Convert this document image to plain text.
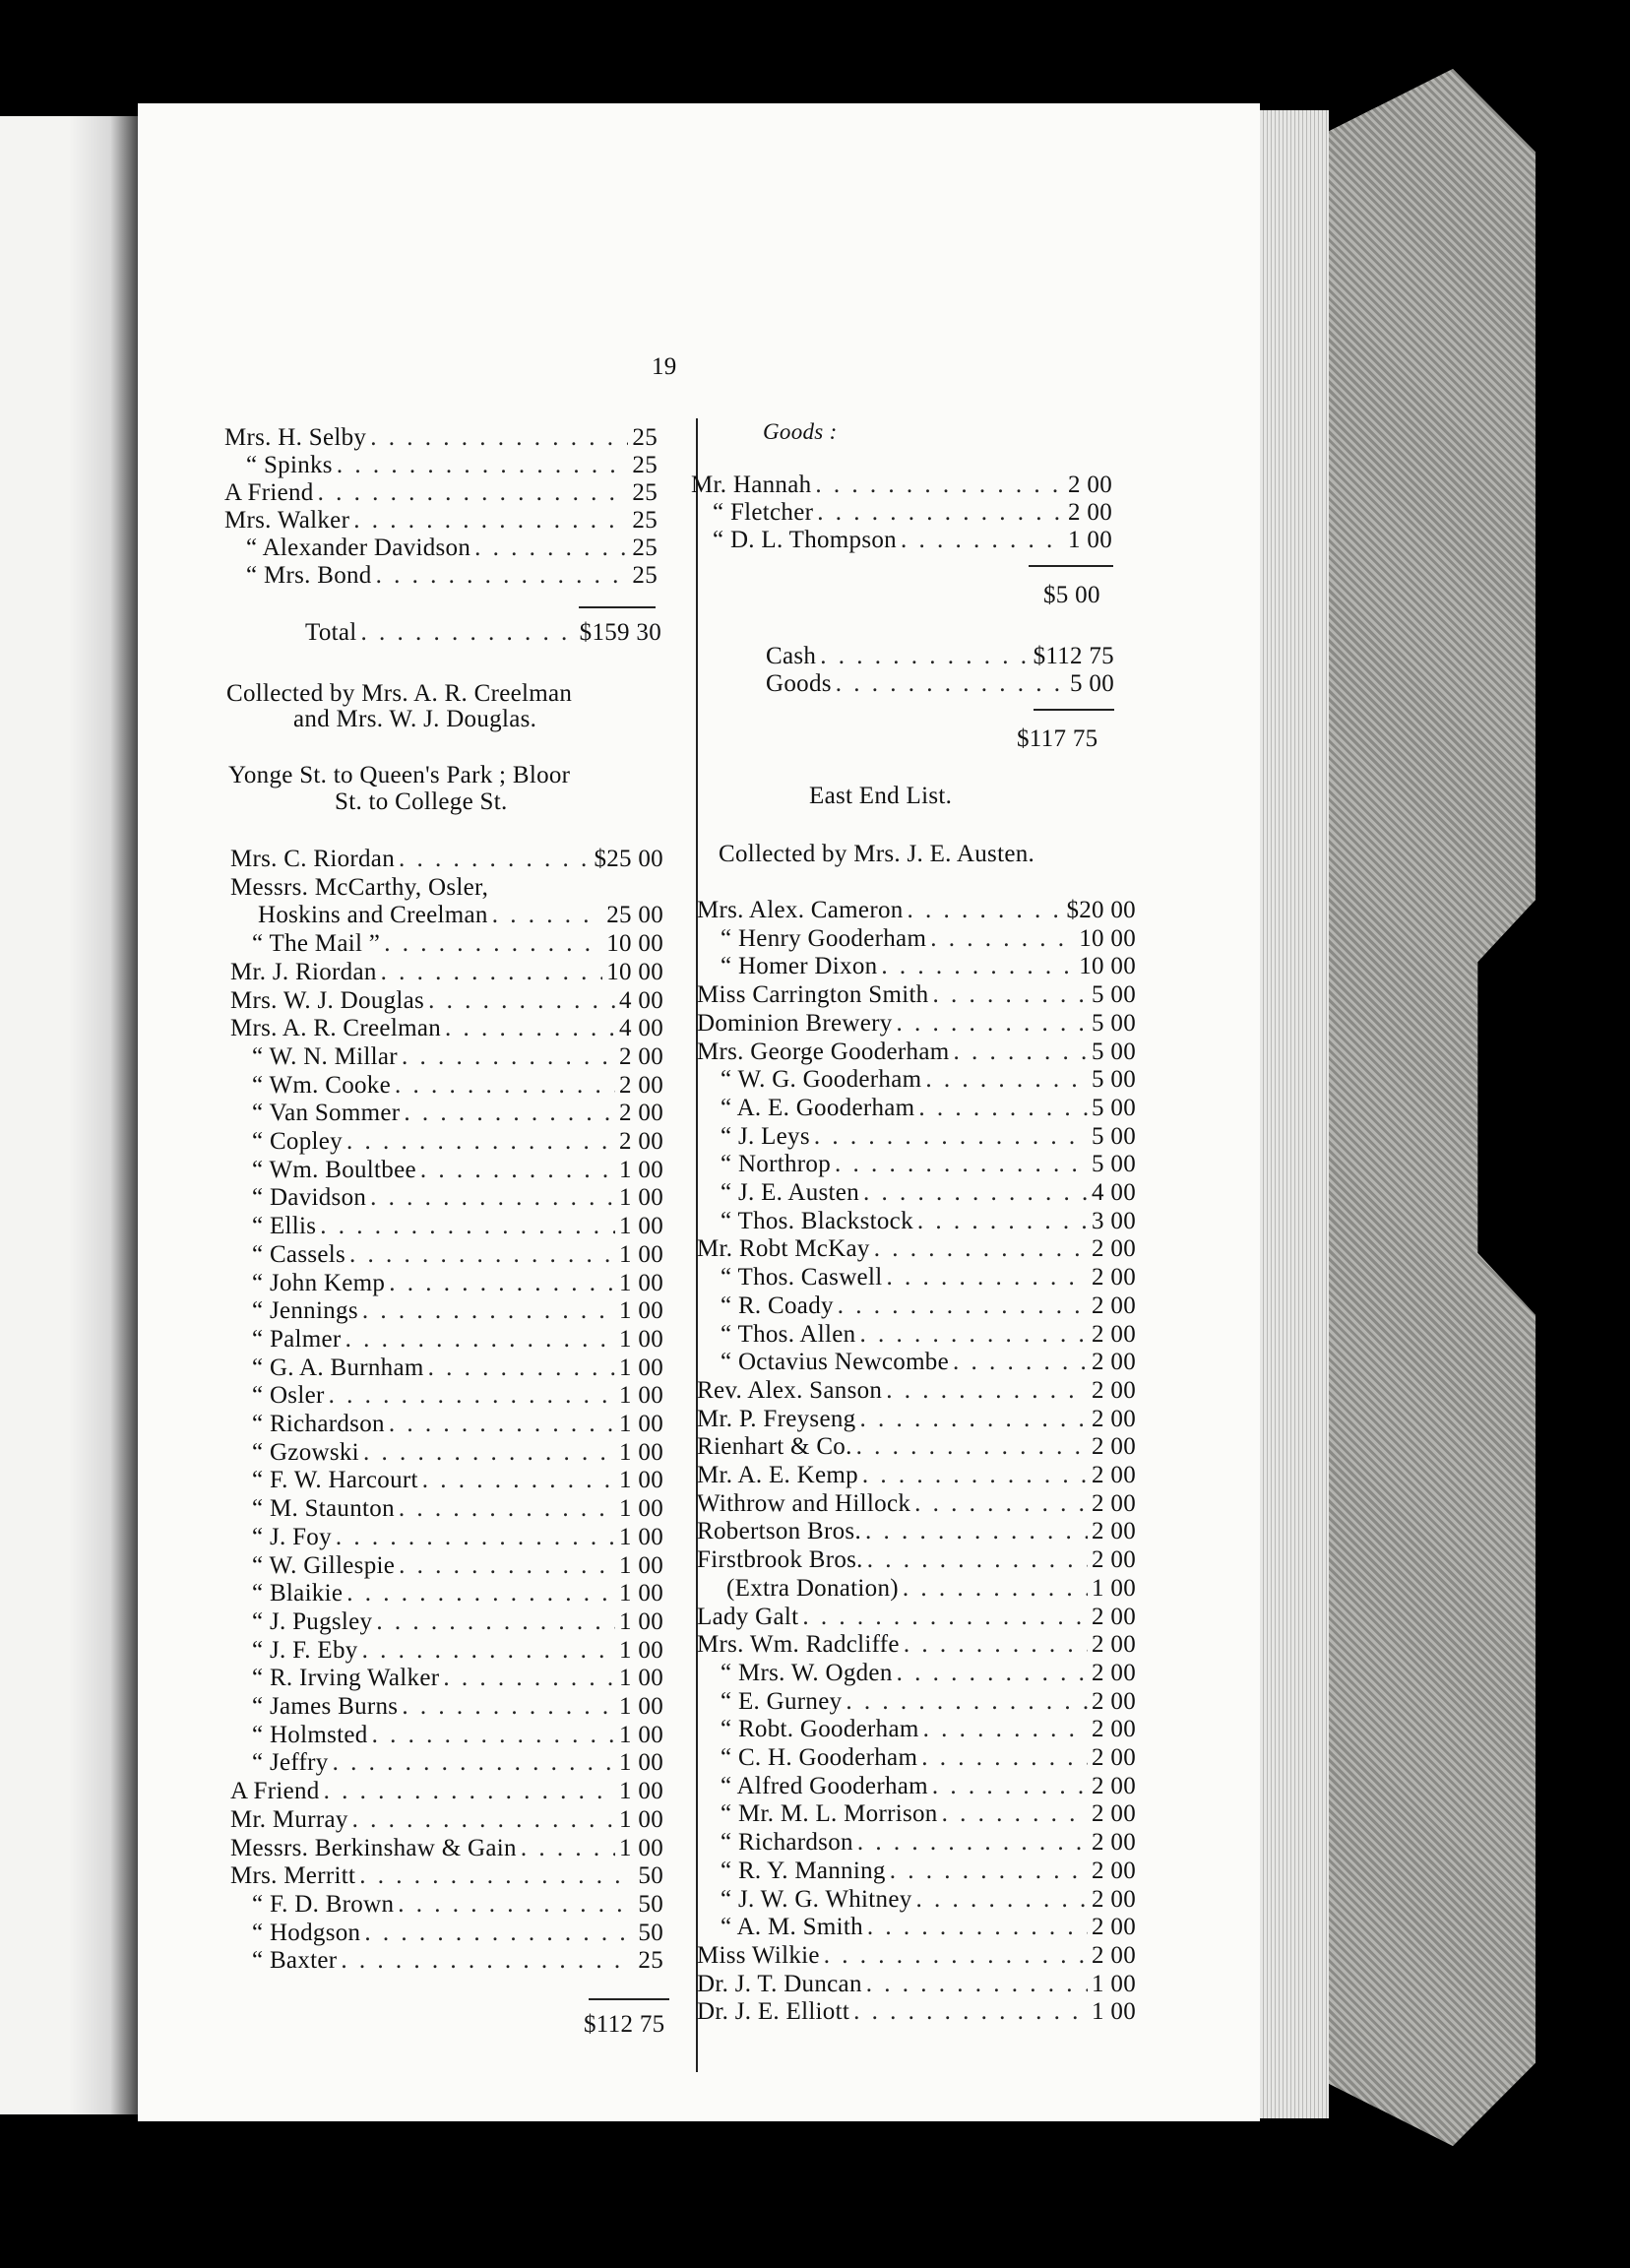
19
Mrs. H. Selby . . .	25
“ Spinks . . .	25
A Friend . . .	25
Mrs. Walker . . .	25
“ Alexander Davidson . . .	25
“ Mrs. Bond . . .	25
Total . . .	$159 30
Collected by Mrs. A. R. Creelman
and Mrs. W. J. Douglas.
Yonge St. to Queen's Park ; Bloor
St. to College St.
Mrs. C. Riordan . . .	$25 00
Messrs. McCarthy, Osler,
Hoskins and Creelman . . .	25 00
“ The Mail ” . . .	10 00
Mr. J. Riordan . . .	10 00
Mrs. W. J. Douglas . . .	4 00
Mrs. A. R. Creelman . . .	4 00
“ W. N. Millar . . .	2 00
“ Wm. Cooke . . .	2 00
“ Van Sommer . . .	2 00
“ Copley . . .	2 00
“ Wm. Boultbee . . .	1 00
“ Davidson . . .	1 00
“ Ellis . . .	1 00
“ Cassels . . .	1 00
“ John Kemp . . .	1 00
“ Jennings . . .	1 00
“ Palmer . . .	1 00
“ G. A. Burnham . . .	1 00
“ Osler . . .	1 00
“ Richardson . . .	1 00
“ Gzowski . . .	1 00
“ F. W. Harcourt . . .	1 00
“ M. Staunton . . .	1 00
“ J. Foy . . .	1 00
“ W. Gillespie . . .	1 00
“ Blaikie . . .	1 00
“ J. Pugsley . . .	1 00
“ J. F. Eby . . .	1 00
“ R. Irving Walker . . .	1 00
“ James Burns . . .	1 00
“ Holmsted . . .	1 00
“ Jeffry . . .	1 00
A Friend . . .	1 00
Mr. Murray . . .	1 00
Messrs. Berkinshaw & Gain . . .	1 00
Mrs. Merritt . . .	50
“ F. D. Brown . . .	50
“ Hodgson . . .	50
“ Baxter . . .	25
$112 75
Goods :
Mr. Hannah . . .	2 00
“ Fletcher . . .	2 00
“ D. L. Thompson . . .	1 00
$5 00
Cash . . .	$112 75
Goods . . .	5 00
$117 75
East End List.
Collected by Mrs. J. E. Austen.
Mrs. Alex. Cameron . . .	$20 00
“ Henry Gooderham . . .	10 00
“ Homer Dixon . . .	10 00
Miss Carrington Smith . . .	5 00
Dominion Brewery . . .	5 00
Mrs. George Gooderham . . .	5 00
“ W. G. Gooderham . . .	5 00
“ A. E. Gooderham . . .	5 00
“ J. Leys . . .	5 00
“ Northrop . . .	5 00
“ J. E. Austen . . .	4 00
“ Thos. Blackstock . . .	3 00
Mr. Robt McKay . . .	2 00
“ Thos. Caswell . . .	2 00
“ R. Coady . . .	2 00
“ Thos. Allen . . .	2 00
“ Octavius Newcombe . . .	2 00
Rev. Alex. Sanson . . .	2 00
Mr. P. Freyseng . . .	2 00
Rienhart & Co. . . .	2 00
Mr. A. E. Kemp . . .	2 00
Withrow and Hillock . . .	2 00
Robertson Bros. . . .	2 00
Firstbrook Bros. . . .	2 00
(Extra Donation) . . .	1 00
Lady Galt . . .	2 00
Mrs. Wm. Radcliffe . . .	2 00
“ Mrs. W. Ogden . . .	2 00
“ E. Gurney . . .	2 00
“ Robt. Gooderham . . .	2 00
“ C. H. Gooderham . . .	2 00
“ Alfred Gooderham . . .	2 00
“ Mr. M. L. Morrison . . .	2 00
“ Richardson . . .	2 00
“ R. Y. Manning . . .	2 00
“ J. W. G. Whitney . . .	2 00
“ A. M. Smith . . .	2 00
Miss Wilkie . . .	2 00
Dr. J. T. Duncan . . .	1 00
Dr. J. E. Elliott . . .	1 00
